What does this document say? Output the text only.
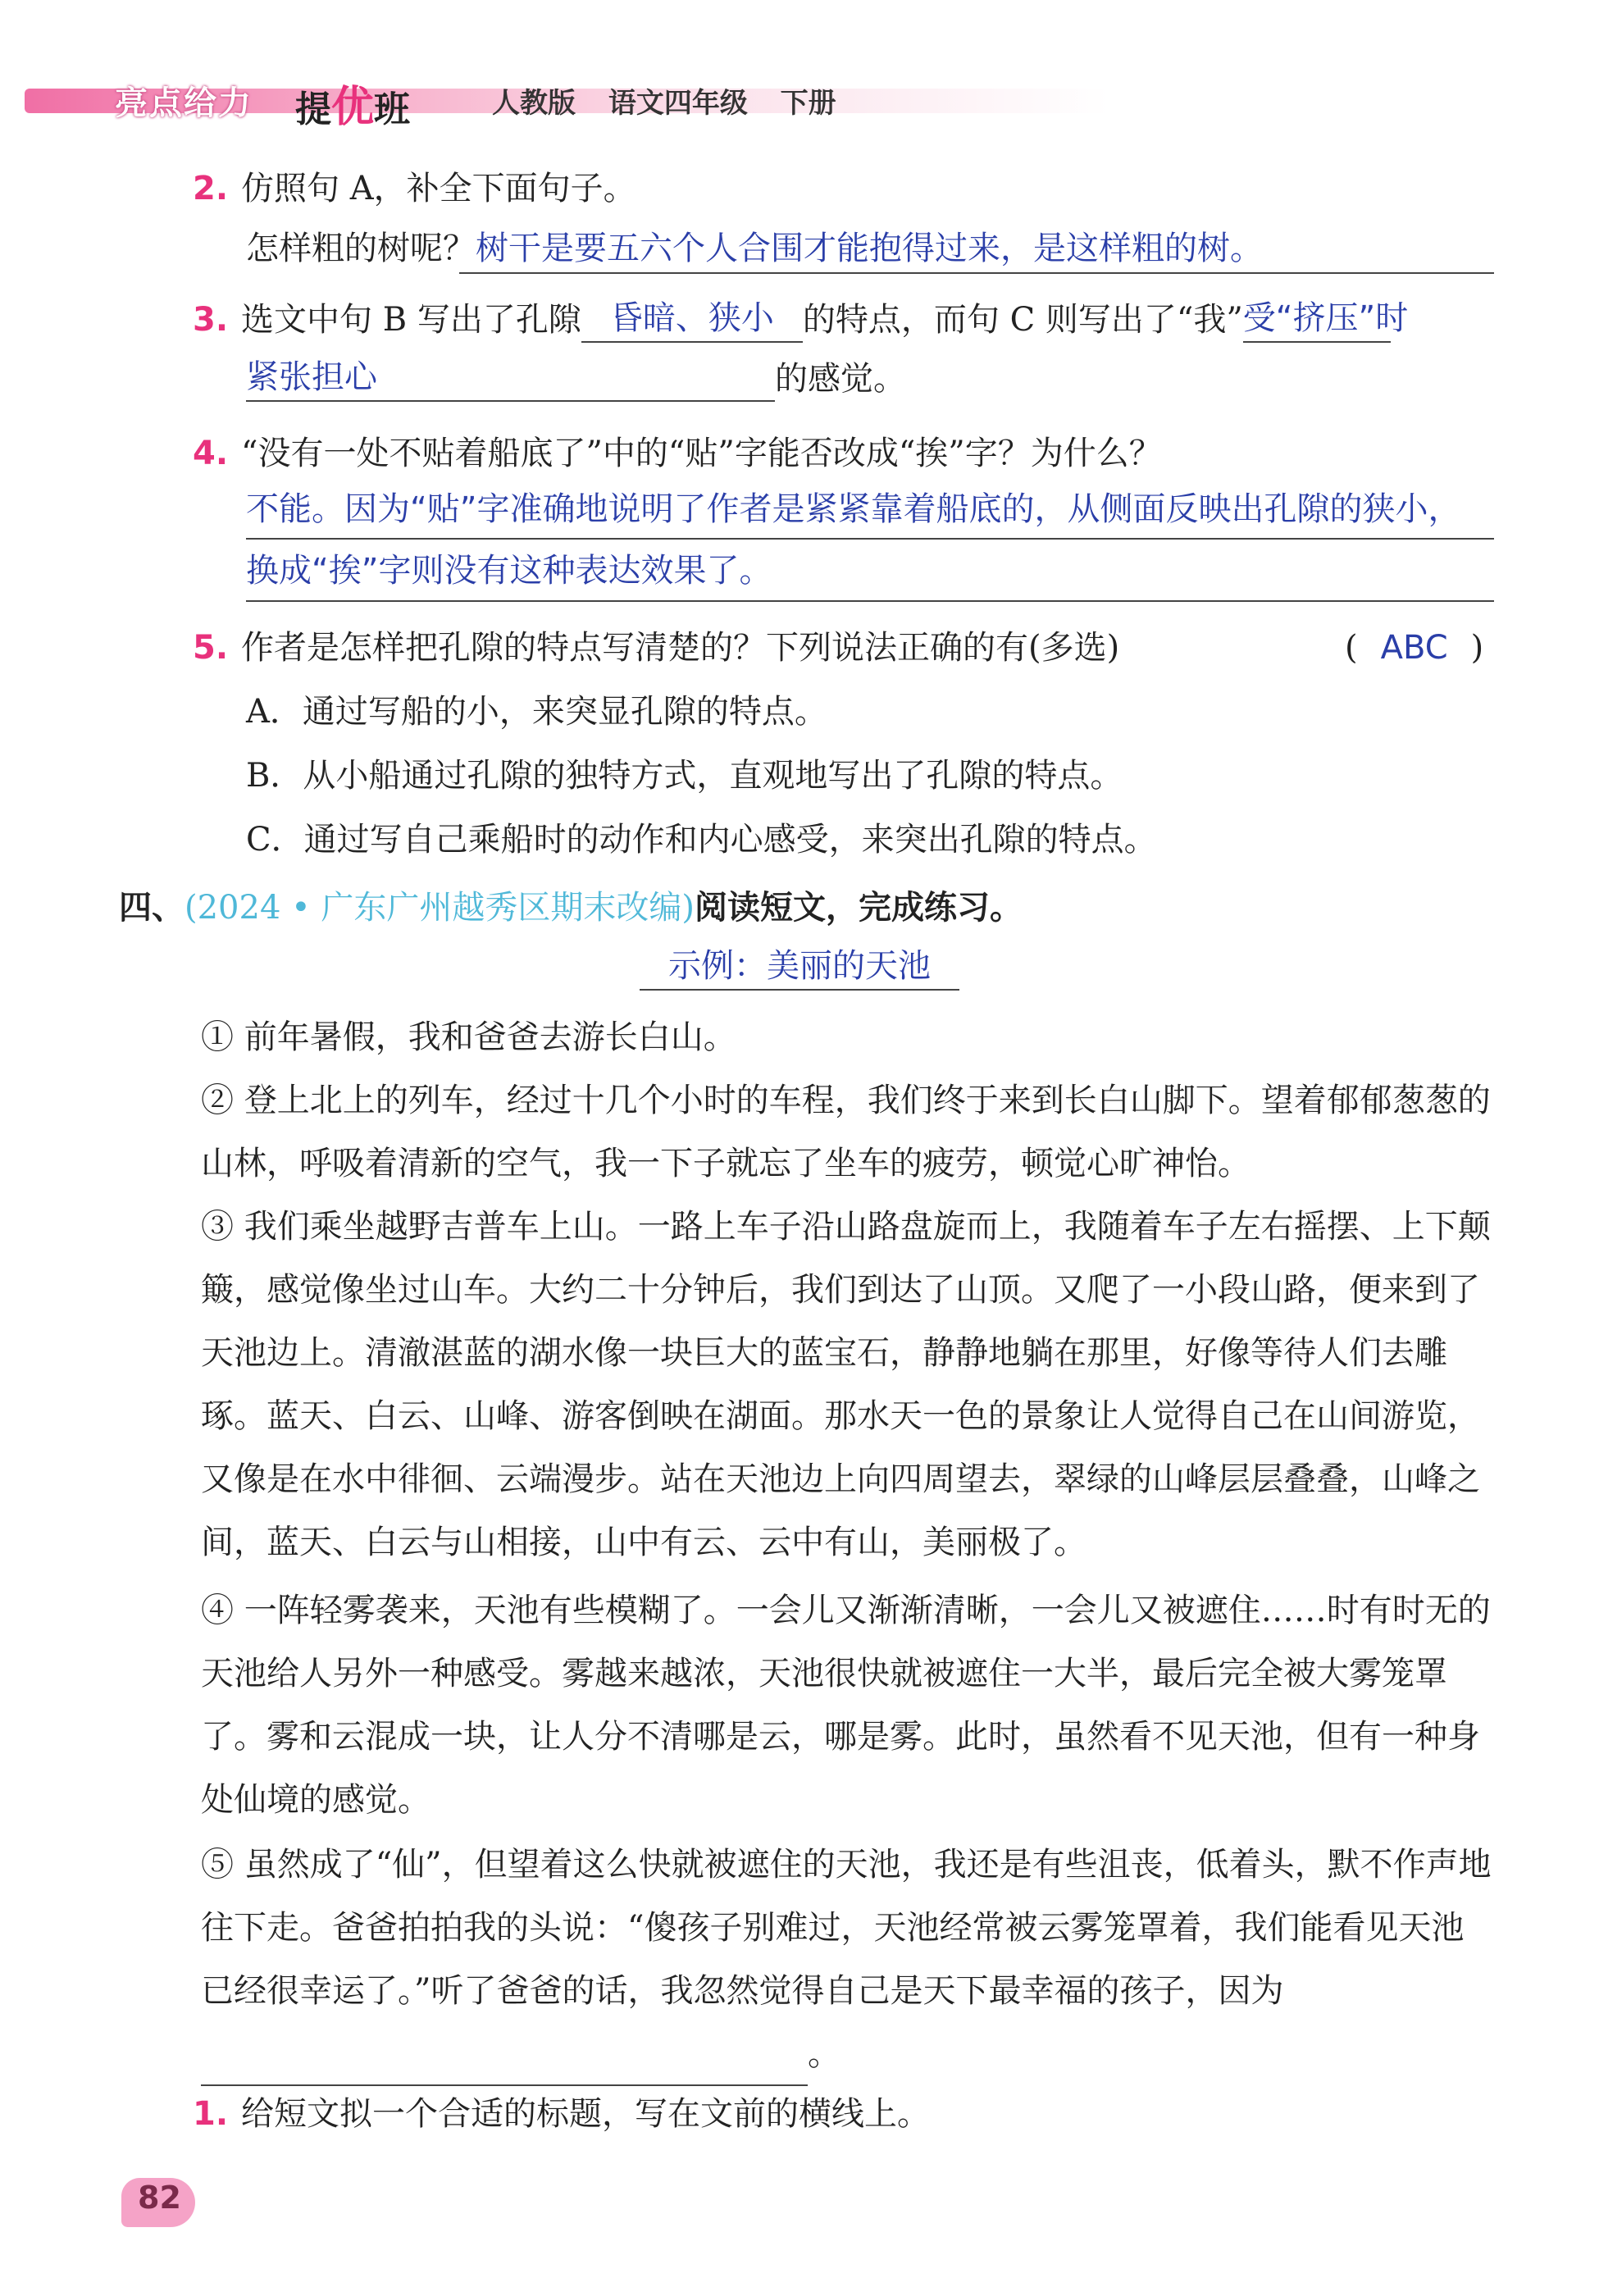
亮点给力 提优班	人教版 语文四年级 下册
2. 仿照句 A，补全下面句子。
怎样粗的树呢？树干是要五六个人合围才能抱得过来，是这样粗的树。
3. 选文中句 B 写出了孔隙 昏暗、狭小 的特点，而句 C 则写出了“我”受“挤压”时
紧张担心	的感觉。
4. “没有一处不贴着船底了”中的“贴”字能否改成“挨”字？为什么？
不能。因为“贴”字准确地说明了作者是紧紧靠着船底的，从侧面反映出孔隙的狭小，
换成“挨”字则没有这种表达效果了。
5. 作者是怎样把孔隙的特点写清楚的？下列说法正确的有(多选)	( ABC )
A．通过写船的小，来突显孔隙的特点。
B．从小船通过孔隙的独特方式，直观地写出了孔隙的特点。
C．通过写自己乘船时的动作和内心感受，来突出孔隙的特点。
四、(2024 • 广东广州越秀区期末改编)阅读短文，完成练习。
示例：美丽的天池
① 前年暑假，我和爸爸去游长白山。
② 登上北上的列车，经过十几个小时的车程，我们终于来到长白山脚下。望着郁郁葱葱的山林，呼吸着清新的空气，我一下子就忘了坐车的疲劳，顿觉心旷神怡。
③ 我们乘坐越野吉普车上山。一路上车子沿山路盘旋而上，我随着车子左右摇摆、上下颠簸，感觉像坐过山车。大约二十分钟后，我们到达了山顶。又爬了一小段山路，便来到了天池边上。清澈湛蓝的湖水像一块巨大的蓝宝石，静静地躺在那里，好像等待人们去雕琢。蓝天、白云、山峰、游客倒映在湖面。那水天一色的景象让人觉得自己在山间游览，又像是在水中徘徊、云端漫步。站在天池边上向四周望去，翠绿的山峰层层叠叠，山峰之间，蓝天、白云与山相接，山中有云、云中有山，美丽极了。
④ 一阵轻雾袭来，天池有些模糊了。一会儿又渐渐清晰，一会儿又被遮住……时有时无的天池给人另外一种感受。雾越来越浓，天池很快就被遮住一大半，最后完全被大雾笼罩了。雾和云混成一块，让人分不清哪是云，哪是雾。此时，虽然看不见天池，但有一种身处仙境的感觉。
⑤ 虽然成了“仙”，但望着这么快就被遮住的天池，我还是有些沮丧，低着头，默不作声地往下走。爸爸拍拍我的头说：“傻孩子别难过，天池经常被云雾笼罩着，我们能看见天池已经很幸运了。”听了爸爸的话，我忽然觉得自己是天下最幸福的孩子，因为。
1. 给短文拟一个合适的标题，写在文前的横线上。
82
